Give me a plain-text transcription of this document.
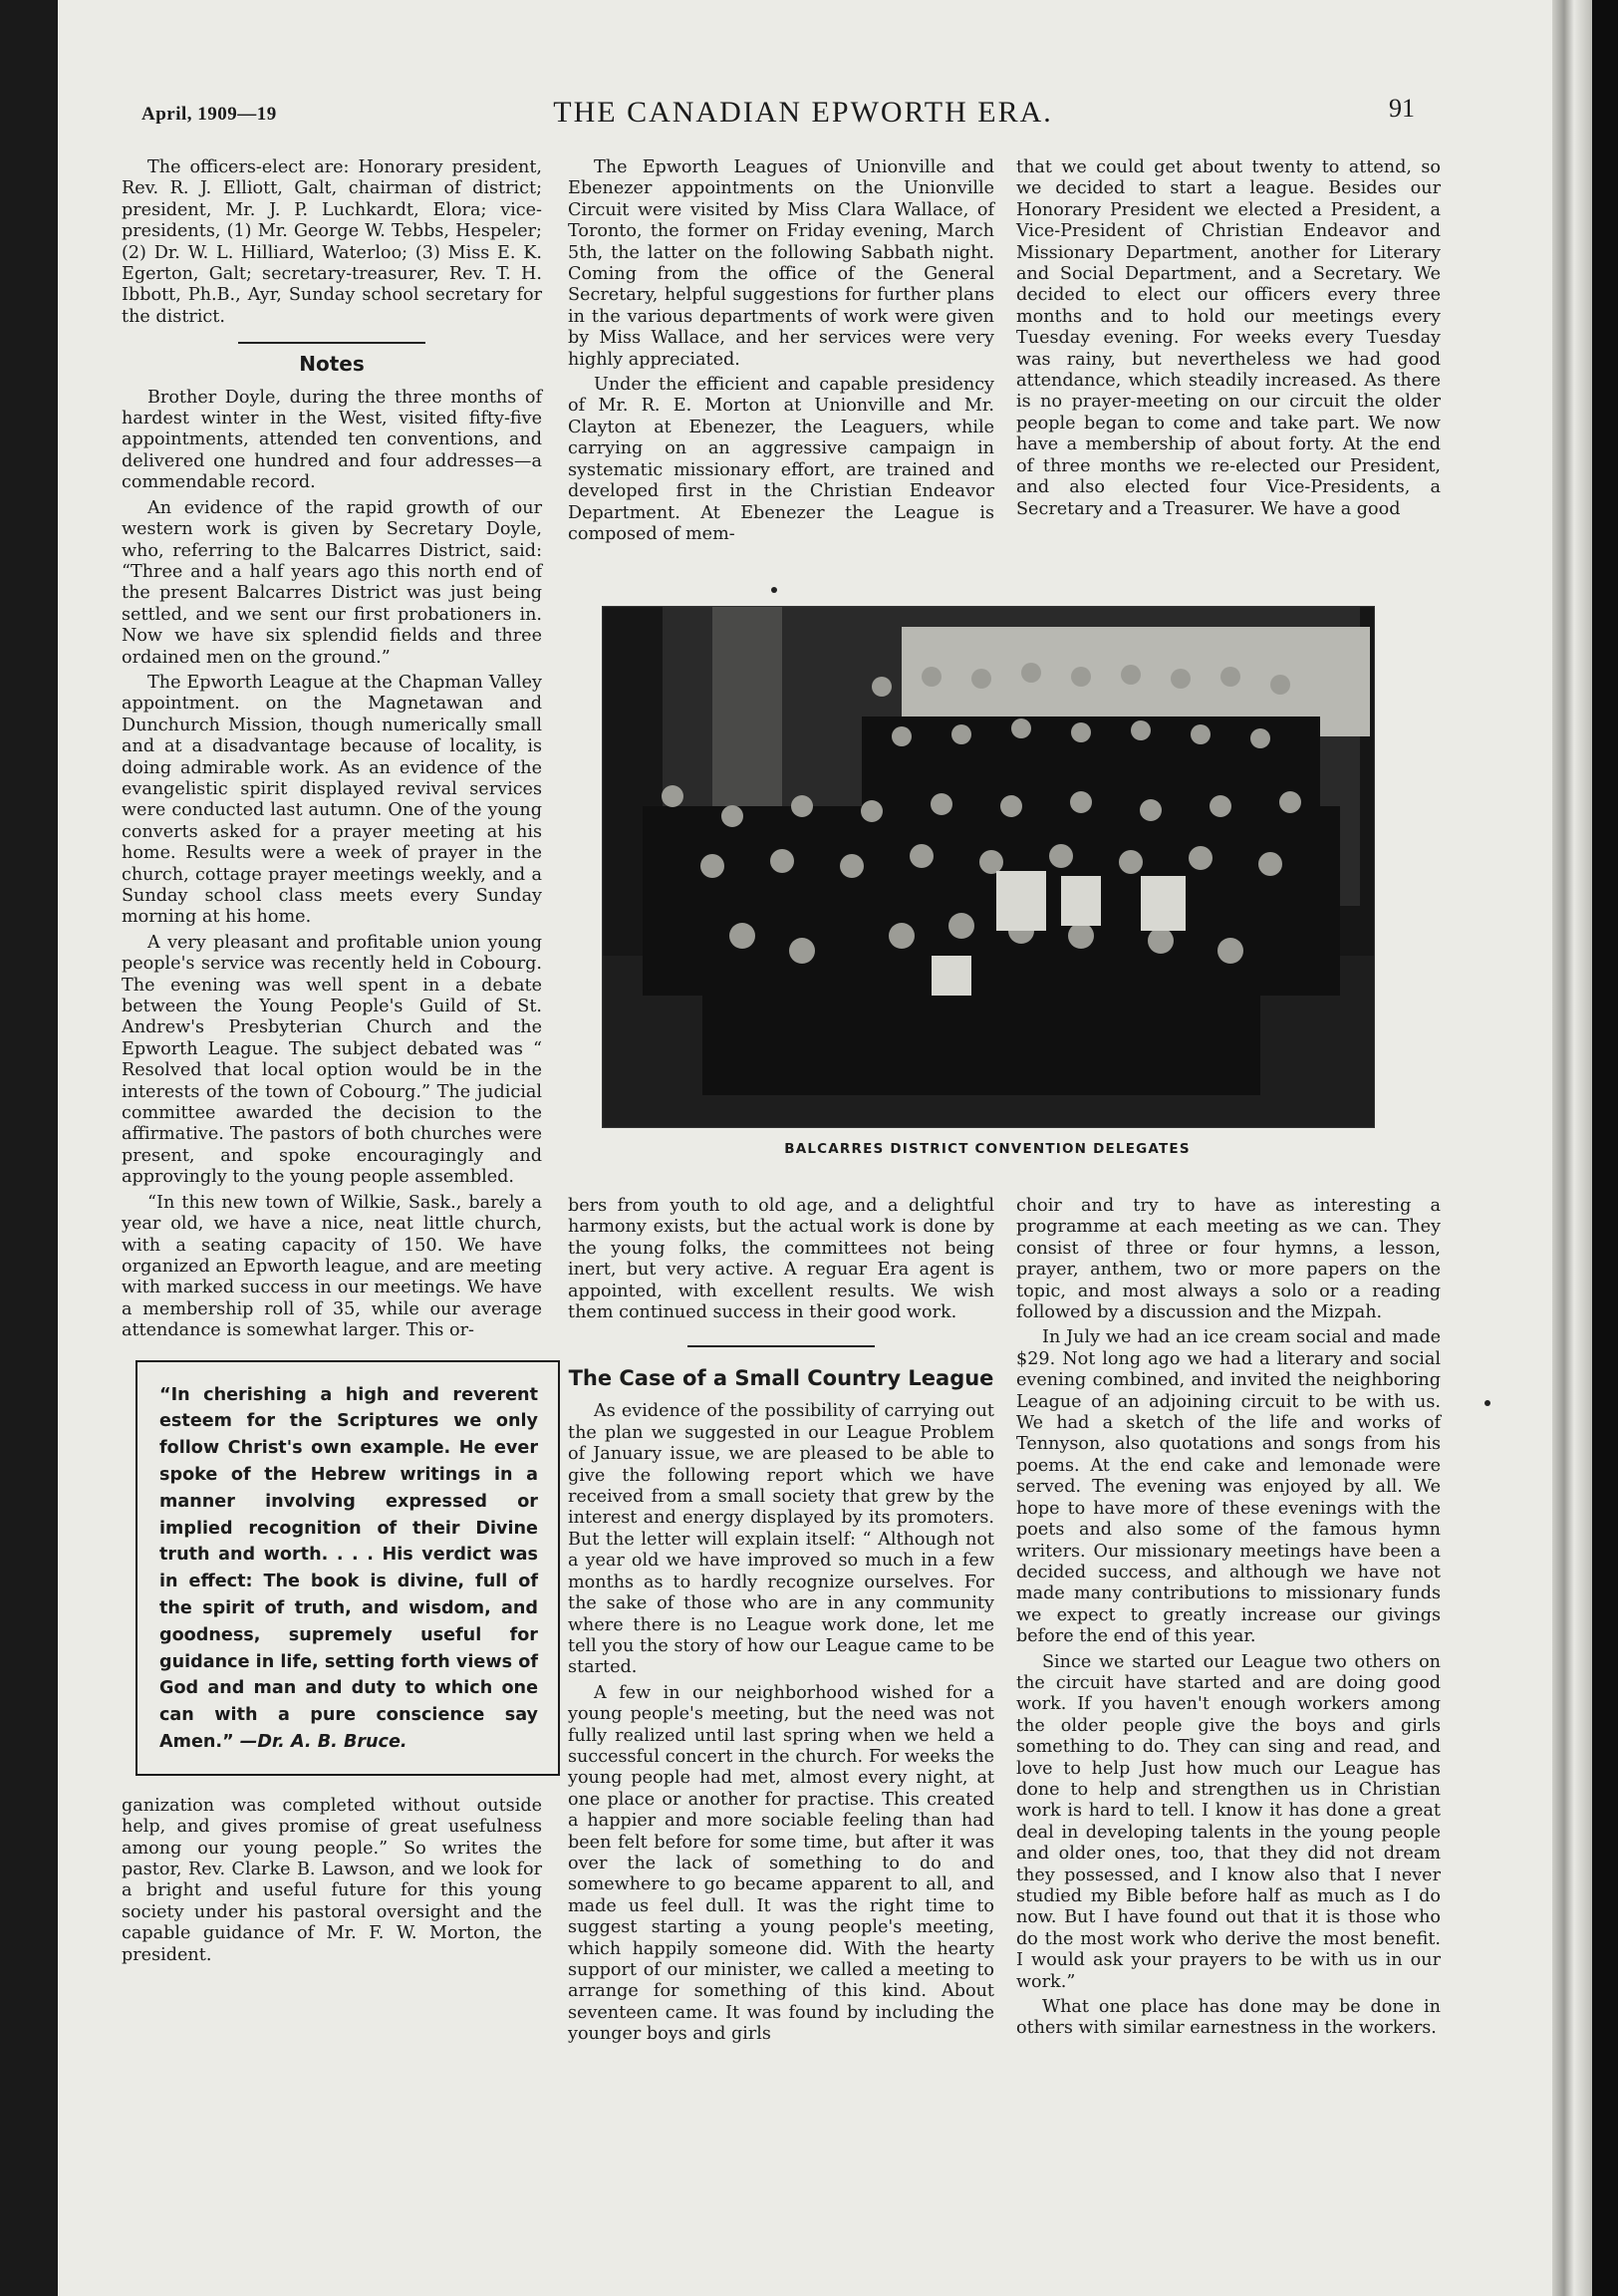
April, 1909—19	THE CANADIAN EPWORTH ERA.	91

The officers-elect are: Honorary president, Rev. R. J. Elliott, Galt, chairman of district; president, Mr. J. P. Luchkardt, Elora; vice-presidents, (1) Mr. George W. Tebbs, Hespeler; (2) Dr. W. L. Hilliard, Waterloo; (3) Miss E. K. Egerton, Galt; secretary-treasurer, Rev. T. H. Ibbott, Ph.B., Ayr, Sunday school secretary for the district.

Notes

Brother Doyle, during the three months of hardest winter in the West, visited fifty-five appointments, attended ten conventions, and delivered one hundred and four addresses—a commendable record.

An evidence of the rapid growth of our western work is given by Secretary Doyle, who, referring to the Balcarres District, said: “Three and a half years ago this north end of the present Balcarres District was just being settled, and we sent our first probationers in. Now we have six splendid fields and three ordained men on the ground.”

The Epworth League at the Chapman Valley appointment. on the Magnetawan and Dunchurch Mission, though numerically small and at a disadvantage because of locality, is doing admirable work. As an evidence of the evangelistic spirit displayed revival services were conducted last autumn. One of the young converts asked for a prayer meeting at his home. Results were a week of prayer in the church, cottage prayer meetings weekly, and a Sunday school class meets every Sunday morning at his home.

A very pleasant and profitable union young people's service was recently held in Cobourg. The evening was well spent in a debate between the Young People's Guild of St. Andrew's Presbyterian Church and the Epworth League. The subject debated was “ Resolved that local option would be in the interests of the town of Cobourg.” The judicial committee awarded the decision to the affirmative. The pastors of both churches were present, and spoke encouragingly and approvingly to the young people assembled.

“In this new town of Wilkie, Sask., barely a year old, we have a nice, neat little church, with a seating capacity of 150. We have organized an Epworth league, and are meeting with marked success in our meetings. We have a membership roll of 35, while our average attendance is somewhat larger. This or-

“In cherishing a high and reverent esteem for the Scriptures we only follow Christ's own example. He ever spoke of the Hebrew writings in a manner involving expressed or implied recognition of their Divine truth and worth. . . . His verdict was in effect: The book is divine, full of the spirit of truth, and wisdom, and goodness, supremely useful for guidance in life, setting forth views of God and man and duty to which one can with a pure conscience say Amen.” —Dr. A. B. Bruce.

ganization was completed without outside help, and gives promise of great usefulness among our young people.” So writes the pastor, Rev. Clarke B. Lawson, and we look for a bright and useful future for this young society under his pastoral oversight and the capable guidance of Mr. F. W. Morton, the president.

The Epworth Leagues of Unionville and Ebenezer appointments on the Unionville Circuit were visited by Miss Clara Wallace, of Toronto, the former on Friday evening, March 5th, the latter on the following Sabbath night. Coming from the office of the General Secretary, helpful suggestions for further plans in the various departments of work were given by Miss Wallace, and her services were very highly appreciated.

Under the efficient and capable presidency of Mr. R. E. Morton at Unionville and Mr. Clayton at Ebenezer, the Leaguers, while carrying on an aggressive campaign in systematic missionary effort, are trained and developed first in the Christian Endeavor Department. At Ebenezer the League is composed of mem-

that we could get about twenty to attend, so we decided to start a league. Besides our Honorary President we elected a President, a Vice-President of Christian Endeavor and Missionary Department, another for Literary and Social Department, and a Secretary. We decided to elect our officers every three months and to hold our meetings every Tuesday evening. For weeks every Tuesday was rainy, but nevertheless we had good attendance, which steadily increased. As there is no prayer-meeting on our circuit the older people began to come and take part. We now have a membership of about forty. At the end of three months we re-elected our President, and also elected four Vice-Presidents, a Secretary and a Treasurer. We have a good

BALCARRES DISTRICT CONVENTION DELEGATES

bers from youth to old age, and a delightful harmony exists, but the actual work is done by the young folks, the committees not being inert, but very active. A reguar Era agent is appointed, with excellent results. We wish them continued success in their good work.

The Case of a Small Country League

As evidence of the possibility of carrying out the plan we suggested in our League Problem of January issue, we are pleased to be able to give the following report which we have received from a small society that grew by the interest and energy displayed by its promoters. But the letter will explain itself: “ Although not a year old we have improved so much in a few months as to hardly recognize ourselves. For the sake of those who are in any community where there is no League work done, let me tell you the story of how our League came to be started.

A few in our neighborhood wished for a young people's meeting, but the need was not fully realized until last spring when we held a successful concert in the church. For weeks the young people had met, almost every night, at one place or another for practise. This created a happier and more sociable feeling than had been felt before for some time, but after it was over the lack of something to do and somewhere to go became apparent to all, and made us feel dull. It was the right time to suggest starting a young people's meeting, which happily someone did. With the hearty support of our minister, we called a meeting to arrange for something of this kind. About seventeen came. It was found by including the younger boys and girls

choir and try to have as interesting a programme at each meeting as we can. They consist of three or four hymns, a lesson, prayer, anthem, two or more papers on the topic, and most always a solo or a reading followed by a discussion and the Mizpah.

In July we had an ice cream social and made $29. Not long ago we had a literary and social evening combined, and invited the neighboring League of an adjoining circuit to be with us. We had a sketch of the life and works of Tennyson, also quotations and songs from his poems. At the end cake and lemonade were served. The evening was enjoyed by all. We hope to have more of these evenings with the poets and also some of the famous hymn writers. Our missionary meetings have been a decided success, and although we have not made many contributions to missionary funds we expect to greatly increase our givings before the end of this year.

Since we started our League two others on the circuit have started and are doing good work. If you haven't enough workers among the older people give the boys and girls something to do. They can sing and read, and love to help Just how much our League has done to help and strengthen us in Christian work is hard to tell. I know it has done a great deal in developing talents in the young people and older ones, too, that they did not dream they possessed, and I know also that I never studied my Bible before half as much as I do now. But I have found out that it is those who do the most work who derive the most benefit. I would ask your prayers to be with us in our work.”

What one place has done may be done in others with similar earnestness in the workers.
